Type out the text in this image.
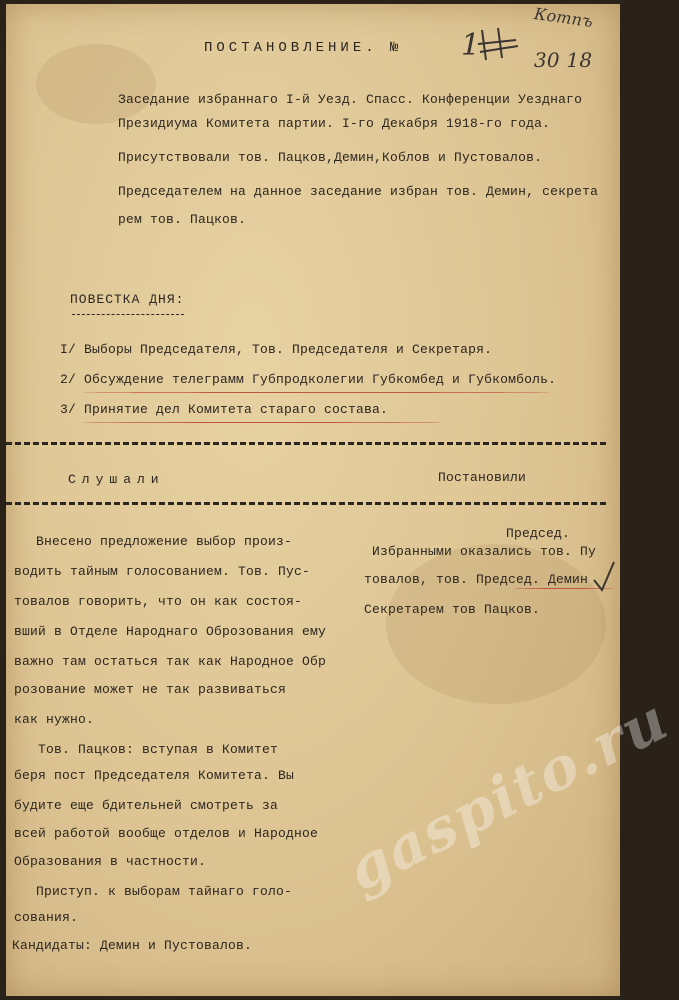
ПОСТАНОВЛЕНИЕ. № 1
Котпъ
30 18
Заседание избраннаго I-й Уезд. Спасс. Конференции Уезднаго
Президиума Комитета партии. I-го Декабря 1918-го года.
Присутствовали тов. Пацков,Демин,Коблов и Пустовалов.
Председателем на данное заседание избран тов. Демин, секрета
рем тов. Пацков.
ПОВЕСТКА ДНЯ:
I/ Выборы Председателя, Тов. Председателя и Секретаря.
2/ Обсуждение телеграмм Губпродколегии Губкомбед и Губкомболь.
3/ Принятие дел Комитета стараго состава.
Слушали	Постановили
Внесено предложение выбор произ-
водить тайным голосованием. Тов. Пус-
товалов говорить, что он как состоя-
вший в Отделе Народнаго Оброзования ему
важно там остаться так как Народное Обр
розование может не так развиваться
как нужно.
Тов. Пацков: вступая в Комитет
беря пост Председателя Комитета. Вы
будите еще бдительней смотреть за
всей работой вообще отделов и Народное
Образования в частности.
Приступ. к выборам тайнаго голо-
сования.
Кандидаты: Демин и Пустовалов.
Председ.
Избранными оказались тов. Пу
товалов, тов. Председ. Демин
Секретарем тов Пацков.
gaspito.ru
